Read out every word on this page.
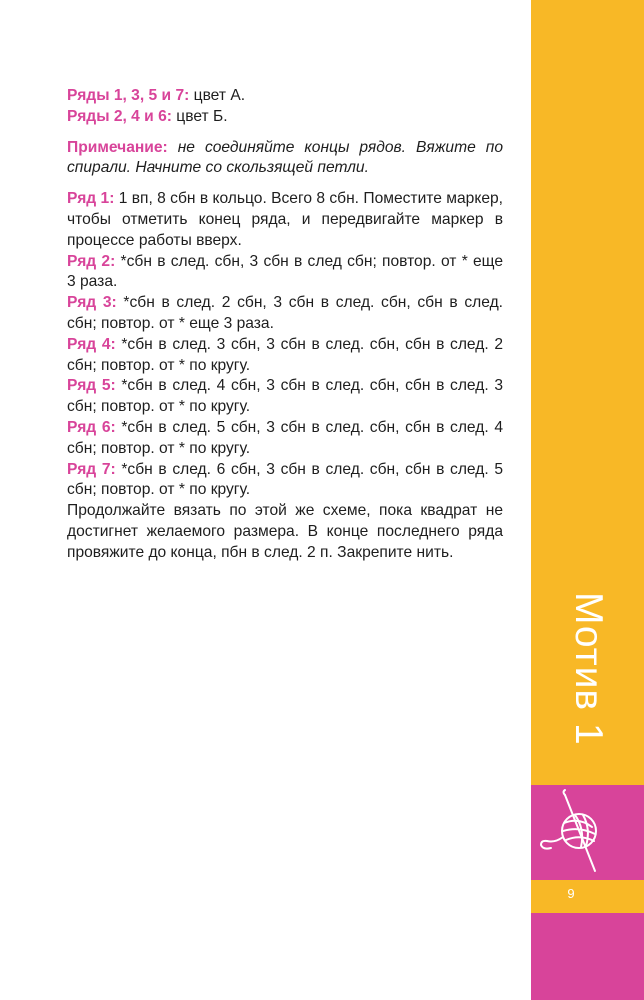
Ряды 1, 3, 5 и 7: цвет А.

Ряды 2, 4 и 6: цвет Б.

Примечание: не соединяйте концы рядов. Вяжите по спирали. Начните со скользящей петли.

Ряд 1: 1 вп, 8 сбн в кольцо. Всего 8 сбн. Поместите маркер, чтобы отметить конец ряда, и передвигайте маркер в процессе работы вверх.

Ряд 2: *сбн в след. сбн, 3 сбн в след сбн; повтор. от * еще 3 раза.

Ряд 3: *сбн в след. 2 сбн, 3 сбн в след. сбн, сбн в след. сбн; повтор. от * еще 3 раза.

Ряд 4: *сбн в след. 3 сбн, 3 сбн в след. сбн, сбн в след. 2 сбн; повтор. от * по кругу.

Ряд 5: *сбн в след. 4 сбн, 3 сбн в след. сбн, сбн в след. 3 сбн; повтор. от * по кругу.

Ряд 6: *сбн в след. 5 сбн, 3 сбн в след. сбн, сбн в след. 4 сбн; повтор. от * по кругу.

Ряд 7: *сбн в след. 6 сбн, 3 сбн в след. сбн, сбн в след. 5 сбн; повтор. от * по кругу.

Продолжайте вязать по этой же схеме, пока квадрат не достигнет желаемого размера. В конце последнего ряда провяжите до конца, пбн в след. 2 п. Закрепите нить.

Мотив 1
9
